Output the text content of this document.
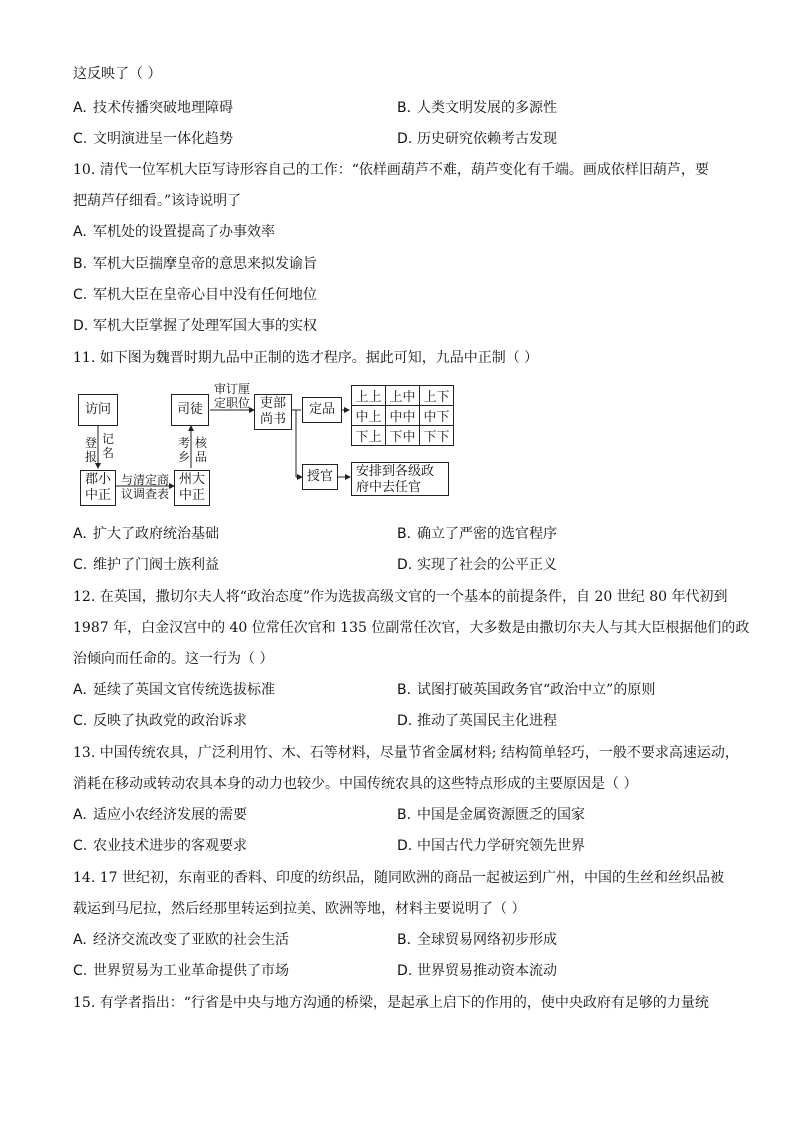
这反映了（ ）
A. 技术传播突破地理障碍	B. 人类文明发展的多源性
C. 文明演进呈一体化趋势	D. 历史研究依赖考古发现
10. 清代一位军机大臣写诗形容自己的工作：“依样画葫芦不难，葫芦变化有千端。画成依样旧葫芦，要
把葫芦仔细看。”该诗说明了
A. 军机处的设置提高了办事效率
B. 军机大臣揣摩皇帝的意思来拟发谕旨
C. 军机大臣在皇帝心目中没有任何地位
D. 军机大臣掌握了处理军国大事的实权
11. 如下图为魏晋时期九品中正制的选才程序。据此可知，九品中正制（ ）
访问	司徒	吏部
尚书
定品
授官
郡小
中正
州大
中正
安排到各级政
府中去任官
审订厘
定职位
与清定商
议调查表
登
报
记
名
考
乡
核
品
上上	上中	上下
中上	中中	中下
下上	下中	下下
A. 扩大了政府统治基础	B. 确立了严密的选官程序
C. 维护了门阀士族利益	D. 实现了社会的公平正义
12. 在英国，撒切尔夫人将“政治态度”作为选拔高级文官的一个基本的前提条件，自 20 世纪 80 年代初到
1987 年，白金汉宫中的 40 位常任次官和 135 位副常任次官，大多数是由撒切尔夫人与其大臣根据他们的政
治倾向而任命的。这一行为（ ）
A. 延续了英国文官传统选拔标准	B. 试图打破英国政务官“政治中立”的原则
C. 反映了执政党的政治诉求	D. 推动了英国民主化进程
13. 中国传统农具，广泛利用竹、木、石等材料，尽量节省金属材料; 结构简单轻巧，一般不要求高速运动，
消耗在移动或转动农具本身的动力也较少。中国传统农具的这些特点形成的主要原因是（ ）
A. 适应小农经济发展的需要	B. 中国是金属资源匮乏的国家
C. 农业技术进步的客观要求	D. 中国古代力学研究领先世界
14. 17 世纪初，东南亚的香料、印度的纺织品，随同欧洲的商品一起被运到广州，中国的生丝和丝织品被
载运到马尼拉，然后经那里转运到拉美、欧洲等地，材料主要说明了（ ）
A. 经济交流改变了亚欧的社会生活	B. 全球贸易网络初步形成
C. 世界贸易为工业革命提供了市场	D. 世界贸易推动资本流动
15. 有学者指出：“行省是中央与地方沟通的桥梁，是起承上启下的作用的，使中央政府有足够的力量统
